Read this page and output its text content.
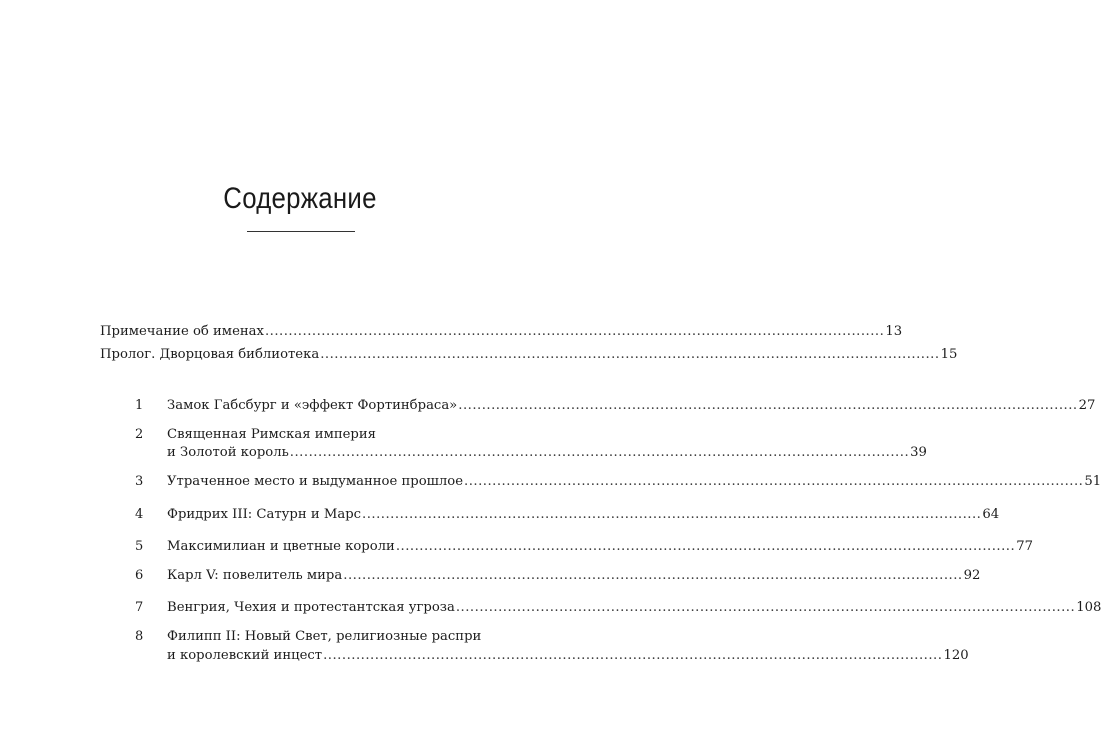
Содержание
Примечание об именах .................................................................................................................................... 13
Пролог. Дворцовая библиотека .................................................................................................................................... 15
1	Замок Габсбург и «эффект Фортинбраса» .................................................................................................................................... 27
2	Священная Римская империя
и Золотой король .................................................................................................................................... 39
3	Утраченное место и выдуманное прошлое .................................................................................................................................... 51
4	Фридрих III: Сатурн и Марс .................................................................................................................................... 64
5	Максимилиан и цветные короли .................................................................................................................................... 77
6	Карл V: повелитель мира .................................................................................................................................... 92
7	Венгрия, Чехия и протестантская угроза .................................................................................................................................... 108
8	Филипп II: Новый Свет, религиозные распри
и королевский инцест .................................................................................................................................... 120
